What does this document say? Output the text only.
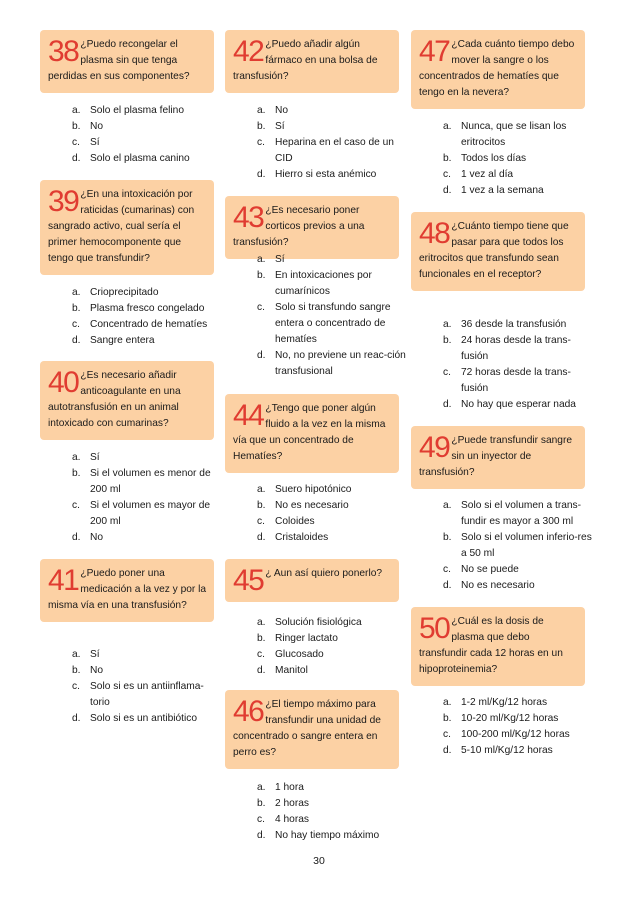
38 ¿Puedo recongelar el plasma sin que tenga perdidas en sus componentes?
a. Solo el plasma felino
b. No
c. Sí
d. Solo el plasma canino
39 ¿En una intoxicación por raticidas (cumarinas) con sangrado activo, cual sería el primer hemocomponente que tengo que transfundir?
a. Crioprecipitado
b. Plasma fresco congelado
c. Concentrado de hematíes
d. Sangre entera
40 ¿Es necesario añadir anticoagulante en una autotransfusión en un animal intoxicado con cumarinas?
a. Sí
b. Si el volumen es menor de 200 ml
c. Si el volumen es mayor de 200 ml
d. No
41 ¿Puedo poner una medicación a la vez y por la misma vía en una transfusión?
a. Sí
b. No
c. Solo si es un antiinflama-torio
d. Solo si es un antibiótico
42 ¿Puedo añadir algún fármaco en una bolsa de transfusión?
a. No
b. Sí
c. Heparina en el caso de un CID
d. Hierro si esta anémico
43 ¿Es necesario poner corticos previos a una transfusión?
a. Sí
b. En intoxicaciones por cumarínicos
c. Solo si transfundo sangre entera o concentrado de hematíes
d. No, no previene un reac-ción transfusional
44 ¿Tengo que poner algún fluido a la vez en la misma vía que un concentrado de Hematíes?
a. Suero hipotónico
b. No es necesario
c. Coloides
d. Cristaloides
45 ¿ Aun así quiero ponerlo?
a. Solución fisiológica
b. Ringer lactato
c. Glucosado
d. Manitol
46 ¿El tiempo máximo para transfundir una unidad de concentrado o sangre entera en perro es?
a. 1 hora
b. 2 horas
c. 4 horas
d. No hay tiempo máximo
47 ¿Cada cuánto tiempo debo mover la sangre o los concentrados de hematíes que tengo en la nevera?
a. Nunca, que se lisan los eritrocitos
b. Todos los días
c. 1 vez al día
d. 1 vez a la semana
48 ¿Cuánto tiempo tiene que pasar para que todos los eritrocitos que transfundo sean funcionales en el receptor?
a. 36 desde la transfusión
b. 24 horas desde la trans-fusión
c. 72 horas desde la trans-fusión
d. No hay que esperar nada
49 ¿Puede transfundir sangre sin un inyector de transfusión?
a. Solo si el volumen a trans-fundir es mayor a 300 ml
b. Solo si el volumen inferio-res a 50 ml
c. No se puede
d. No es necesario
50 ¿Cuál es la dosis de plasma que debo transfundir cada 12 horas en un hipoproteinemia?
a. 1-2 ml/Kg/12 horas
b. 10-20 ml/Kg/12 horas
c. 100-200 ml/Kg/12 horas
d. 5-10 ml/Kg/12 horas
30
